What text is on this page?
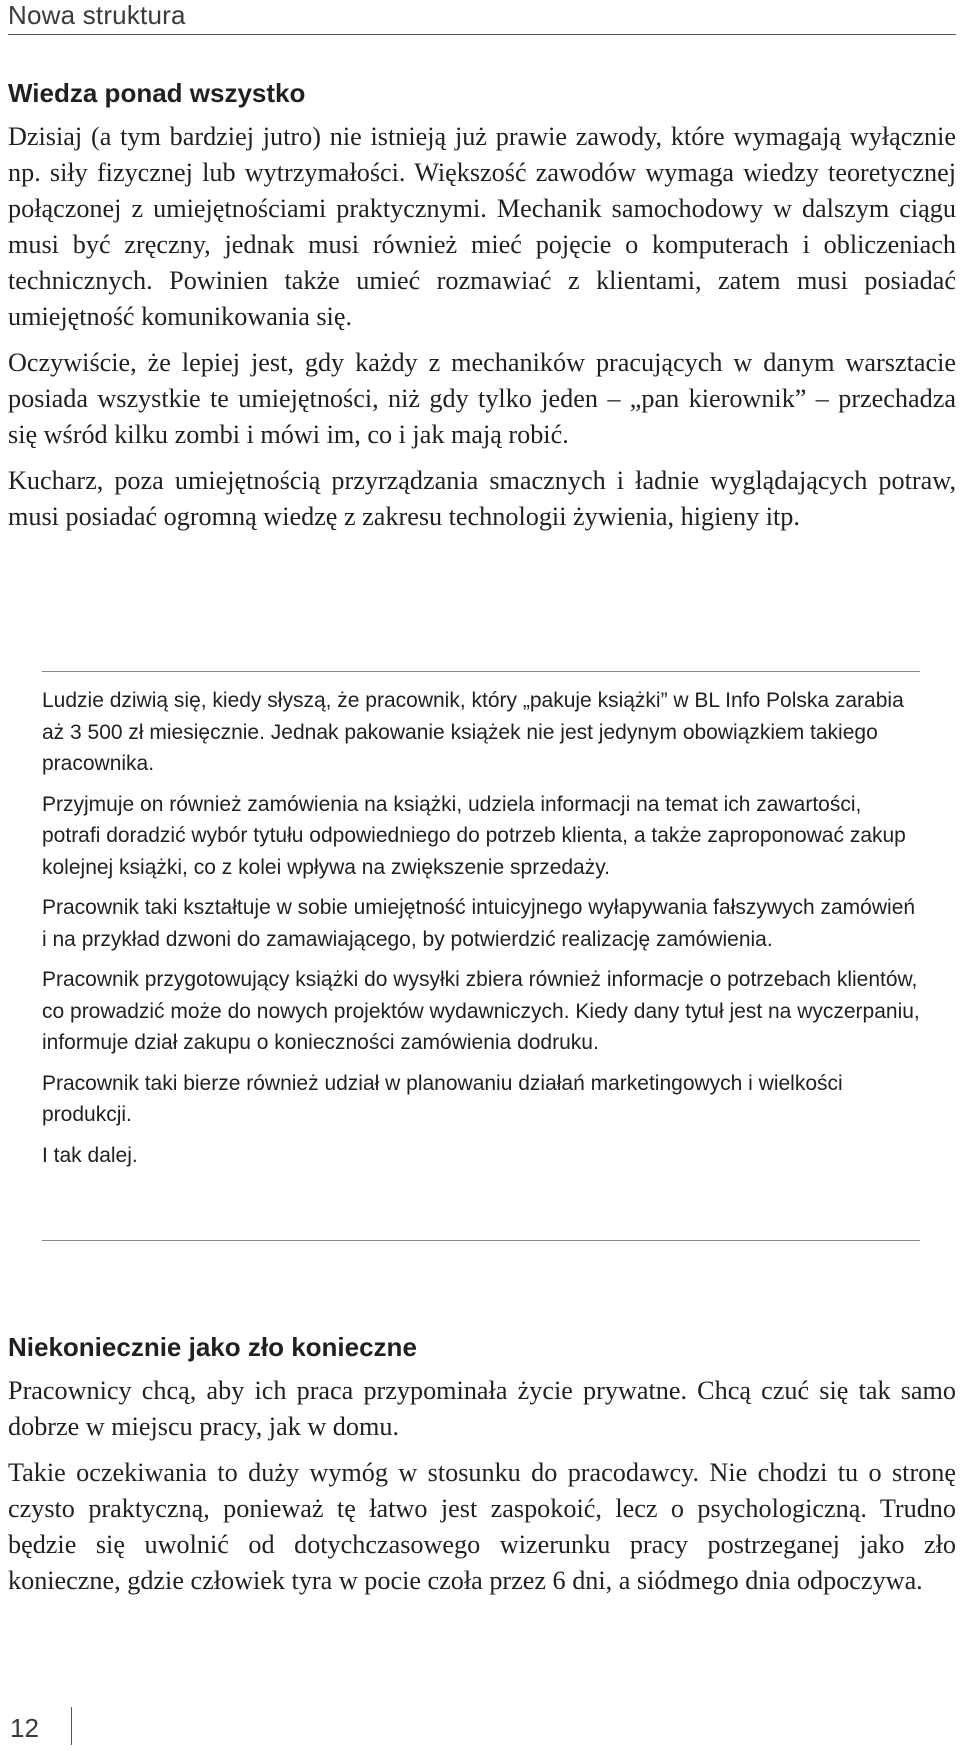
Nowa struktura
Wiedza ponad wszystko

Dzisiaj (a tym bardziej jutro) nie istnieją już prawie zawody, które wymagają wyłącznie np. siły fizycznej lub wytrzymałości. Większość zawodów wymaga wiedzy teoretycznej połączonej z umiejętnościami praktycznymi. Mechanik samochodowy w dalszym ciągu musi być zręczny, jednak musi również mieć pojęcie o komputerach i obliczeniach technicznych. Powinien także umieć rozmawiać z klientami, zatem musi posiadać umiejętność komunikowania się.

Oczywiście, że lepiej jest, gdy każdy z mechaników pracujących w danym warsztacie posiada wszystkie te umiejętności, niż gdy tylko jeden – „pan kierownik” – przechadza się wśród kilku zombi i mówi im, co i jak mają robić.

Kucharz, poza umiejętnością przyrządzania smacznych i ładnie wyglądających potraw, musi posiadać ogromną wiedzę z zakresu technologii żywienia, higieny itp.

Ludzie dziwią się, kiedy słyszą, że pracownik, który „pakuje książki” w BL Info Polska zarabia aż 3 500 zł miesięcznie. Jednak pakowanie książek nie jest jedynym obowiązkiem takiego pracownika.

Przyjmuje on również zamówienia na książki, udziela informacji na temat ich zawartości, potrafi doradzić wybór tytułu odpowiedniego do potrzeb klienta, a także zaproponować zakup kolejnej książki, co z kolei wpływa na zwiększenie sprzedaży.

Pracownik taki kształtuje w sobie umiejętność intuicyjnego wyłapywania fałszywych zamówień i na przykład dzwoni do zamawiającego, by potwierdzić realizację zamówienia.

Pracownik przygotowujący książki do wysyłki zbiera również informacje o potrzebach klientów, co prowadzić może do nowych projektów wydawniczych. Kiedy dany tytuł jest na wyczerpaniu, informuje dział zakupu o konieczności zamówienia dodruku.

Pracownik taki bierze również udział w planowaniu działań marketingowych i wielkości produkcji.

I tak dalej.

Niekoniecznie jako zło konieczne

Pracownicy chcą, aby ich praca przypominała życie prywatne. Chcą czuć się tak samo dobrze w miejscu pracy, jak w domu.

Takie oczekiwania to duży wymóg w stosunku do pracodawcy. Nie chodzi tu o stronę czysto praktyczną, ponieważ tę łatwo jest zaspokoić, lecz o psychologiczną. Trudno będzie się uwolnić od dotychczasowego wizerunku pracy postrzeganej jako zło konieczne, gdzie człowiek tyra w pocie czoła przez 6 dni, a siódmego dnia odpoczywa.

12
